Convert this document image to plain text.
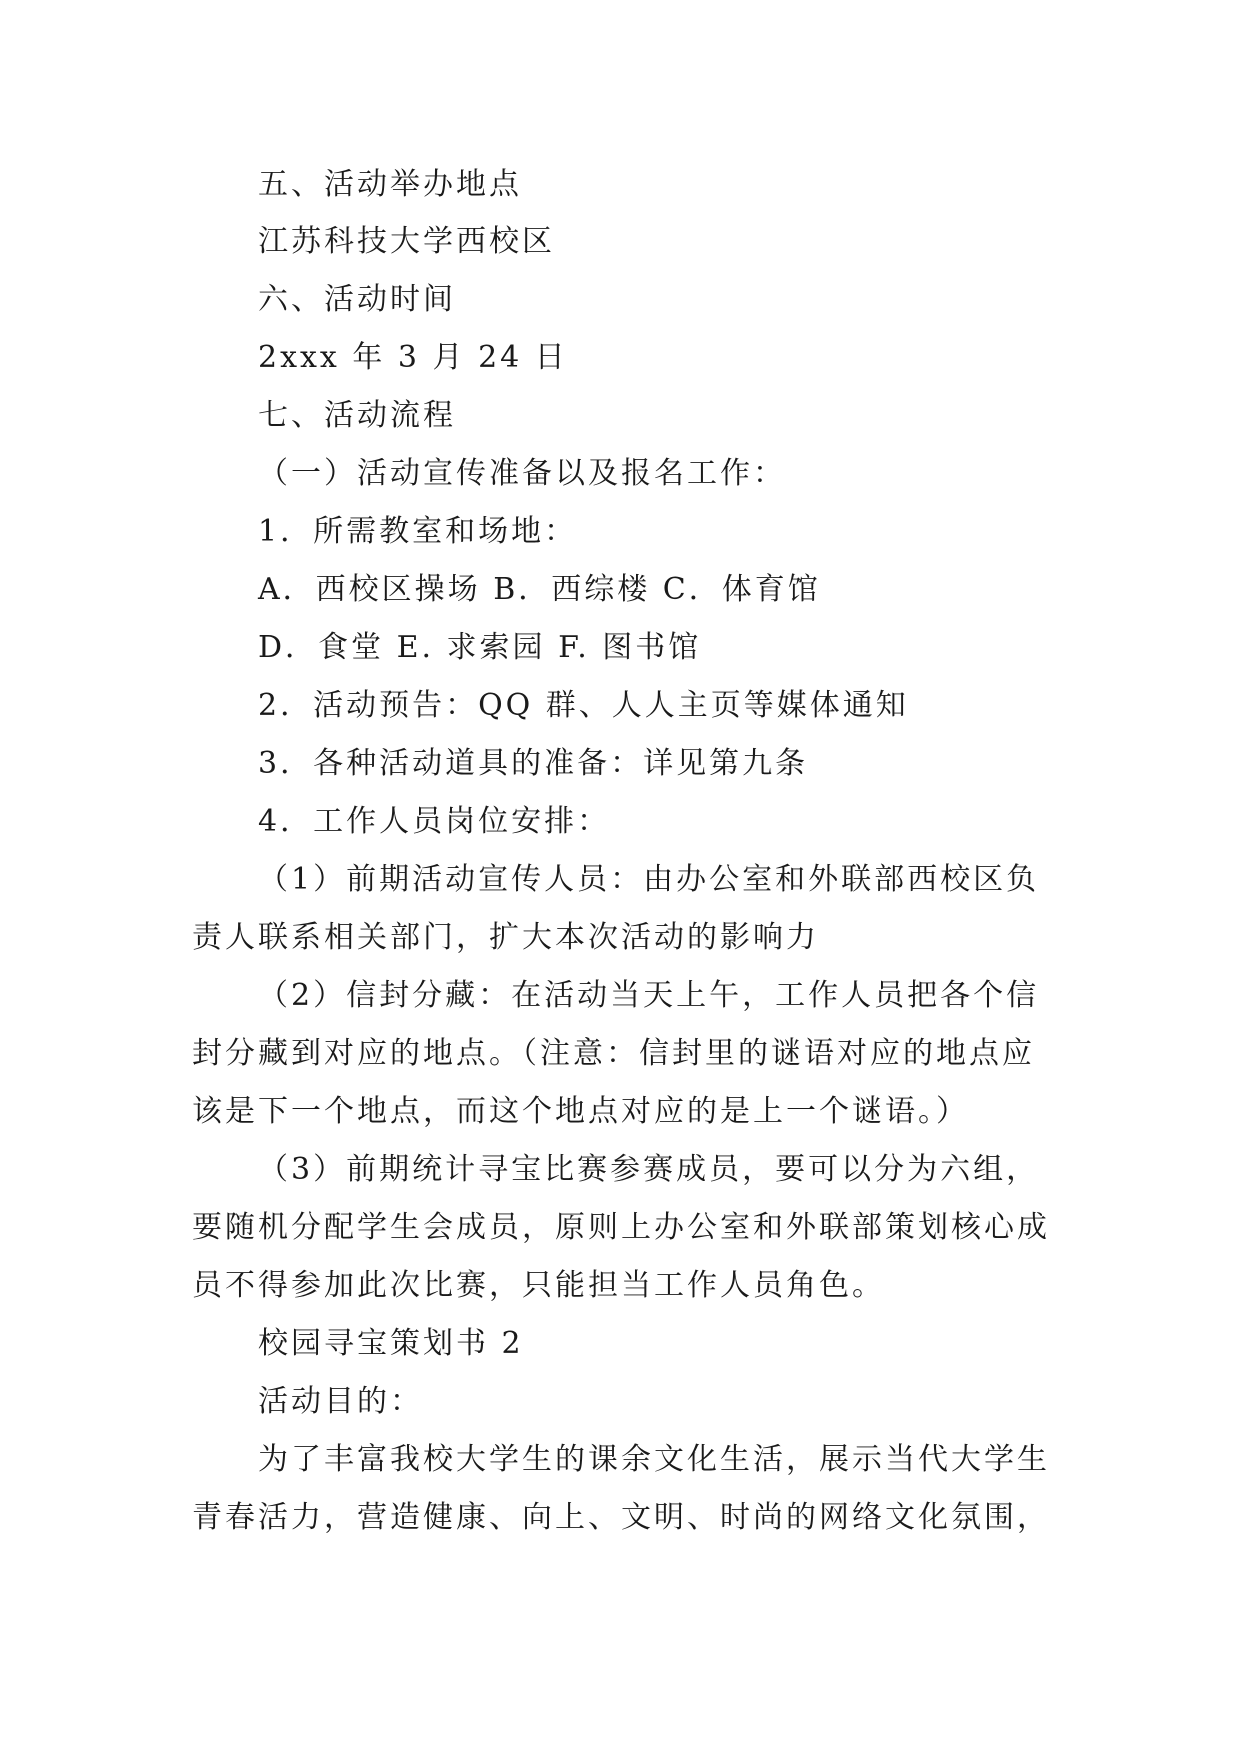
五、活动举办地点
江苏科技大学西校区
六、活动时间
2xxx 年 3 月 24 日
七、活动流程
（一）活动宣传准备以及报名工作：
1．所需教室和场地：
A．西校区操场 B．西综楼 C．体育馆
D．食堂 E. 求索园 F. 图书馆
2．活动预告：QQ 群、人人主页等媒体通知
3．各种活动道具的准备：详见第九条
4．工作人员岗位安排：
（1）前期活动宣传人员：由办公室和外联部西校区负
责人联系相关部门，扩大本次活动的影响力
（2）信封分藏：在活动当天上午，工作人员把各个信
封分藏到对应的地点。（注意：信封里的谜语对应的地点应
该是下一个地点，而这个地点对应的是上一个谜语。）
（3）前期统计寻宝比赛参赛成员，要可以分为六组，
要随机分配学生会成员，原则上办公室和外联部策划核心成
员不得参加此次比赛，只能担当工作人员角色。
校园寻宝策划书 2
活动目的：
为了丰富我校大学生的课余文化生活，展示当代大学生
青春活力，营造健康、向上、文明、时尚的网络文化氛围，
